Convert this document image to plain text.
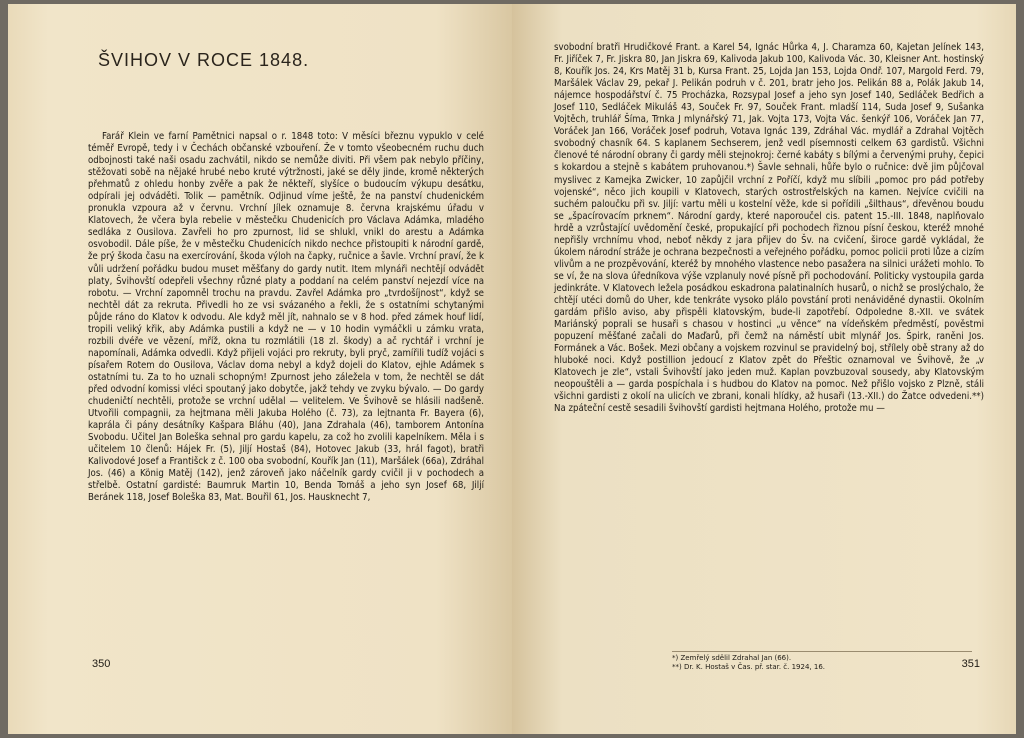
ŠVIHOV V ROCE 1848.

Farář Klein ve farní Pamětnici napsal o r. 1848 toto: V měsíci březnu vypuklo v celé téměř Evropě, tedy i v Čechách občanské vzbouření. Že v tomto všeobecném ruchu duch odbojnosti také naši osadu zachvátil, nikdo se nemůže diviti. Při všem pak nebylo příčiny, stěžovati sobě na nějaké hrubé nebo kruté výtržnosti, jaké se děly jinde, kromě některých přehmatů z ohledu honby zvěře a pak že někteří, slyšíce o budoucím výkupu desátku, odpírali jej odváděti. Tolik — pamětník. Odjinud víme ještě, že na panství chudenickém pronukla vzpoura až v červnu. Vrchní Jílek oznamuje 8. června krajskému úřadu v Klatovech, že včera byla rebelie v městečku Chudenicích pro Václava Adámka, mladého sedláka z Ousilova. Zavřeli ho pro zpurnost, lid se shlukl, vnikl do arestu a Adámka osvobodil. Dále píše, že v městečku Chudenicích nikdo nechce přistoupiti k národní gardě, že prý škoda času na exercírování, škoda výloh na čapky, ručnice a šavle. Vrchní praví, že k vůli udržení pořádku budou muset měšťany do gardy nutit. Item mlynáři nechtějí odvádět platy, Švihovští odepřeli všechny různé platy a poddaní na celém panství nejezdí více na robotu. — Vrchní zapomněl trochu na pravdu. Zavřel Adámka pro „tvrdošíjnost“, když se nechtěl dát za rekruta. Přivedli ho ze vsi svázaného a řekli, že s ostatními schytanými půjde ráno do Klatov k odvodu. Ale když měl jít, nahnalo se v 8 hod. před zámek houf lidí, tropili veliký křik, aby Adámka pustili a když ne — v 10 hodin vymáčkli u zámku vrata, rozbili dvéře ve vězení, mříž, okna tu rozmlátili (18 zl. škody) a ač rychtář i vrchní je napomínali, Adámka odvedli. Když přijeli vojáci pro rekruty, byli pryč, zamířili tudíž vojáci s písařem Rotem do Ousilova, Václav doma nebyl a když dojeli do Klatov, ejhle Adámek s ostatními tu. Za to ho uznali schopným! Zpurnost jeho záleželа v tom, že nechtěl se dát před odvodní komissi vléci spoutaný jako dobytče, jakž tehdy ve zvyku bývalo. — Do gardy chudeničtí nechtěli, protože se vrchní udělal — velitelem. Ve Švihově se hlásili nadšeně. Utvořili compagnii, za hejtmana měli Jakuba Holého (č. 73), za lejtnanta Fr. Bayera (6), kaprála či pány desátníky Kašpara Bláhu (40), Jana Zdrahala (46), tamborem Antonína Svobodu. Učitel Jan Boleška sehnal pro gardu kapelu, za což ho zvolili kapelníkem. Měla i s učitelem 10 členů: Hájek Fr. (5), Jiljí Hostaš (84), Hotovec Jakub (33, hrál fagot), bratři Kalivodové Josef a Františck z č. 100 oba svobodní, Kouřík Jan (11), Maršálek (66a), Zdráhal Jos. (46) a König Matěj (142), jenž zároveň jako náčelník gardy cvičil ji v pochodech a střelbě. Ostatní gardisté: Baumruk Martin 10, Benda Tomáš a jeho syn Josef 68, Jiljí Beránek 118, Josef Boleška 83, Mat. Bouřil 61, Jos. Hausknecht 7,

350

svobodní bratři Hrudičkové Frant. a Karel 54, Ignác Hůrka 4, J. Charamza 60, Kajetan Jelínek 143, Fr. Jiříček 7, Fr. Jiskra 80, Jan Jiskra 69, Kalivoda Jakub 100, Kalivoda Vác. 30, Kleisner Ant. hostinský 8, Kouřík Jos. 24, Krs Matěj 31 b, Kursa Frant. 25, Lojda Jan 153, Lojda Ondř. 107, Margold Ferd. 79, Maršálek Václav 29, pekař J. Pelikán podruh v č. 201, bratr jeho Jos. Pelikán 88 a, Polák Jakub 14, nájemce hospodářství č. 75 Procházka, Rozsypal Josef a jeho syn Josef 140, Sedláček Bedřich a Josef 110, Sedláček Mikuláš 43, Souček Fr. 97, Souček Frant. mladší 114, Suda Josef 9, Sušanka Vojtěch, truhlář Šíma, Trnka J mlynářský 71, Jak. Vojta 173, Vojta Vác. šenkýř 106, Voráček Jan 77, Voráček Jan 166, Voráček Josef podruh, Votava Ignác 139, Zdráhal Vác. mydlář a Zdrahal Vojtěch svobodný chasník 64. S kaplanem Sechserem, jenž vedl písemnosti celkem 63 gardistů. Všichni členové té národní obrany či gardy měli stejnokroj: černé kabáty s bílými a červenými pruhy, čepici s kokardou a stejně s kabátem pruhovanou.*) Šavle sehnali, hůře bylo o ručnice: dvě jim půjčoval myslivec z Kamejka Zwicker, 10 zapůjčil vrchní z Poříčí, když mu slíbili „pomoc pro pád potřeby vojenské“, něco jich koupili v Klatovech, starých ostrostřelských na kamen. Nejvíce cvičili na suchém paloučku při sv. Jiljí: vartu měli u kostelní věže, kde si pořídili „šilthaus“, dřevěnou boudu se „špacírovacím prknem“. Národní gardy, které naporoučel cis. patent 15.-III. 1848, naplňovalo hrdě a vzrůstající uvědomění české, propukající při pochodech řiznou písní českou, kteréž mnohé nepřišly vrchnímu vhod, neboť někdy z jara přijev do Šv. na cvičení, široce gardě vykládal, že úkolem národní stráže je ochrana bezpečnosti a veřejného pořádku, pomoc policii proti lůze a cizím vlivům a ne prozpěvování, kteréž by mnohého vlastence nebo pasažera na silnici urážeti mohlo. To se ví, že na slova úředníkova výše vzplanuly nové písně při pochodování. Politicky vystoupila garda jedinkráte. V Klatovech ležela posádkou eskadrona palatinalních husarů, o nichž se proslýchalo, že chtějí utéci domů do Uher, kde tenkráte vysoko plálo povstání proti nenáviděné dynastii. Okolním gardám přišlo aviso, aby přispěli klatovským, bude-li zapotřebí. Odpoledne 8.-XII. ve svátek Mariánský popralі se husaři s chasou v hostinci „u věnce“ na vídeňském předměstí, pověstmi popuzení měšťané začali do Maďarů, při čemž na náměstí ubit mlynář Jos. Špirk, raněni Jos. Formánek a Vác. Bošek. Mezi občany a vojskem rozvinul se pravidelný boj, střílely obě strany až do hluboké noci. Když postillion jedoucí z Klatov zpět do Přeštic oznamoval ve Švihově, že „v Klatovech je zle“, vstali Švihovští jako jeden muž. Kaplan povzbuzoval sousedy, aby Klatovským neopouštěli a — garda pospíchala i s hudbou do Klatov na pomoc. Než přišlo vojsko z Plzně, stáli všichni gardisti z okolí na ulicích ve zbrani, konali hlídky, až husaři (13.-XII.) do Žatce odvedeni.**) Na zpáteční cestě sesadili švihovští gardisti hejtmana Holého, protože mu —

*) Zemřelý sdělil Zdrahal Jan (66).
**) Dr. K. Hostaš v Čas. př. star. č. 1924, 16.	351
